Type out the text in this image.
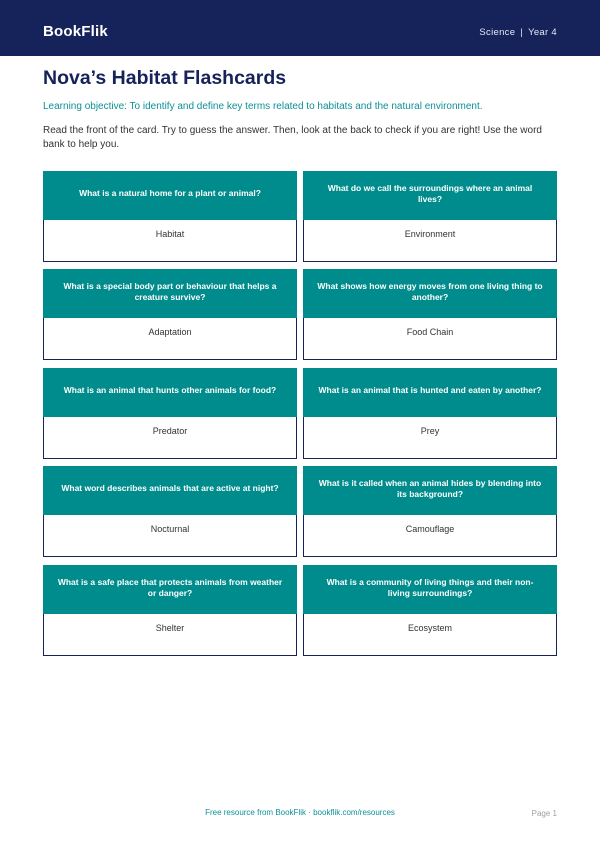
BookFlik	Science | Year 4
Nova’s Habitat Flashcards
Learning objective: To identify and define key terms related to habitats and the natural environment.
Read the front of the card. Try to guess the answer. Then, look at the back to check if you are right! Use the word bank to help you.
What is a natural home for a plant or animal?
Habitat
What do we call the surroundings where an animal lives?
Environment
What is a special body part or behaviour that helps a creature survive?
Adaptation
What shows how energy moves from one living thing to another?
Food Chain
What is an animal that hunts other animals for food?
Predator
What is an animal that is hunted and eaten by another?
Prey
What word describes animals that are active at night?
Nocturnal
What is it called when an animal hides by blending into its background?
Camouflage
What is a safe place that protects animals from weather or danger?
Shelter
What is a community of living things and their non-living surroundings?
Ecosystem
Free resource from BookFlik · bookflik.com/resources	Page 1
